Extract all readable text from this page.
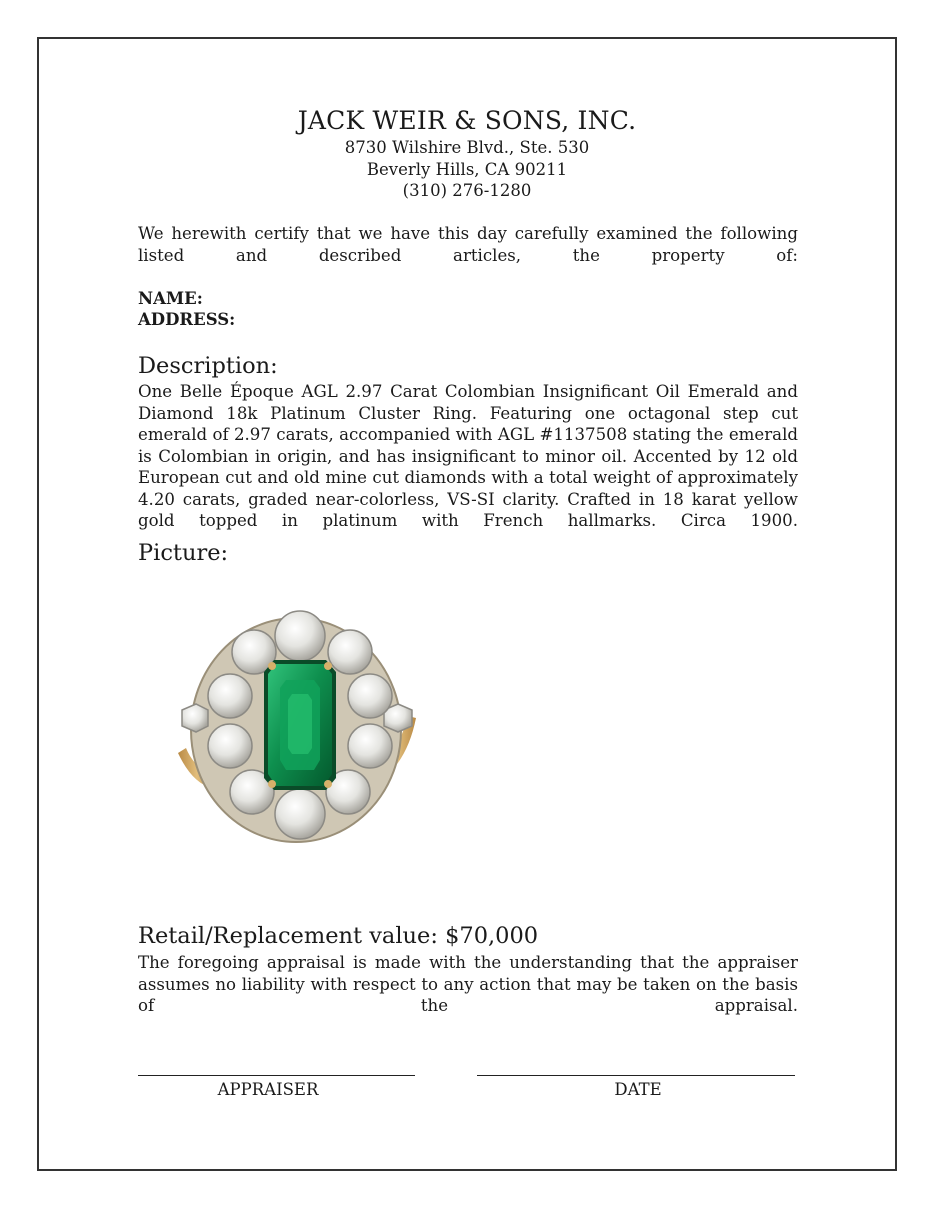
JACK WEIR & SONS, INC.
8730 Wilshire Blvd., Ste. 530
Beverly Hills, CA 90211
(310) 276-1280
We herewith certify that we have this day carefully examined the following listed and described articles, the property of:
NAME:
ADDRESS:
Description:
One Belle Époque AGL 2.97 Carat Colombian Insignificant Oil Emerald and Diamond 18k Platinum Cluster Ring. Featuring one octagonal step cut emerald of 2.97 carats, accompanied with AGL #1137508 stating the emerald is Colombian in origin, and has insignificant to minor oil. Accented by 12 old European cut and old mine cut diamonds with a total weight of approximately 4.20 carats, graded near-colorless, VS-SI clarity. Crafted in 18 karat yellow gold topped in platinum with French hallmarks. Circa 1900.
Picture:
Retail/Replacement value: $70,000
The foregoing appraisal is made with the understanding that the appraiser assumes no liability with respect to any action that may be taken on the basis of the appraisal.
APPRAISER	DATE
